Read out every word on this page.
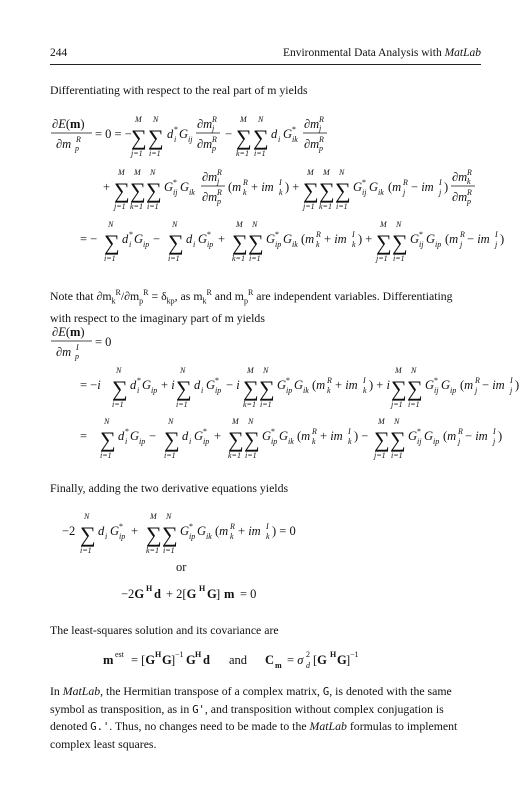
244	Environmental Data Analysis with MatLab
Differentiating with respect to the real part of m yields
Note that $\partial m_k^R/\partial m_p^R = \delta_{kp}$, as $m_k^R$ and $m_p^R$ are independent variables. Differentiating
with respect to the imaginary part of m yields
Finally, adding the two derivative equations yields
The least-squares solution and its covariance are
In MatLab, the Hermitian transpose of a complex matrix, G, is denoted with the same
symbol as transposition, as in G', and transposition without complex conjugation is
denoted G.'. Thus, no changes need to be made to the MatLab formulas to implement
complex least squares.
∂E(m)
∂m p
R = 0 = −
M N
∑ ∑
j=1 i=1
d i
* G ij
∂m j
R
∂m p
R −
M N
∑ ∑
k=1 i=1
d i G ik
* ∂m j
R
∂m p
R
+
M M N
∑ ∑ ∑
j=1 k=1 i=1
G ij
* G ik
∂m j
R
∂m p
R (m k
R + im k
I ) +
M M N
∑ ∑ ∑
j=1 k=1 i=1
G ij
* G ik (m j
R − im j
I )
∂m k
R
∂m p
R
= −
N
∑
i=1
d i
* G ip −
N
∑
i=1
d i G ip
* +
M N
∑ ∑
k=1 i=1
G ip
* G ik (m k
R + im k
I ) +
M N
∑ ∑
j=1 i=1
G ij
* G ip (m j
R − im j
I )
∂E(m)
∂m p
I = 0
= −i
N
∑
i=1
d i
* G ip + i
N
∑
i=1
d i G ip
* − i
M N
∑ ∑
k=1 i=1
G ip
* G ik (m k
R + im k
I ) + i
M N
∑ ∑
j=1 i=1
G ij
* G ip (m j
R − im j
I )
=
N
∑
i=1
d i
* G ip −
N
∑
i=1
d i G ip
* +
M N
∑ ∑
k=1 i=1
G ip
* G ik (m k
R + im k
I ) −
M N
∑ ∑
j=1 i=1
G ij
* G ip (m j
R − im j
I )
−2
N
∑
i=1
d i G ip
* +
M N
∑ ∑
k=1 i=1
G ip
* G ik (m k
R + im k
I ) = 0
or
−2G H d + 2[G H G ] m = 0
m est = [G H G ] −1 G H d and C m = σ d
2 [G H G ] −1
